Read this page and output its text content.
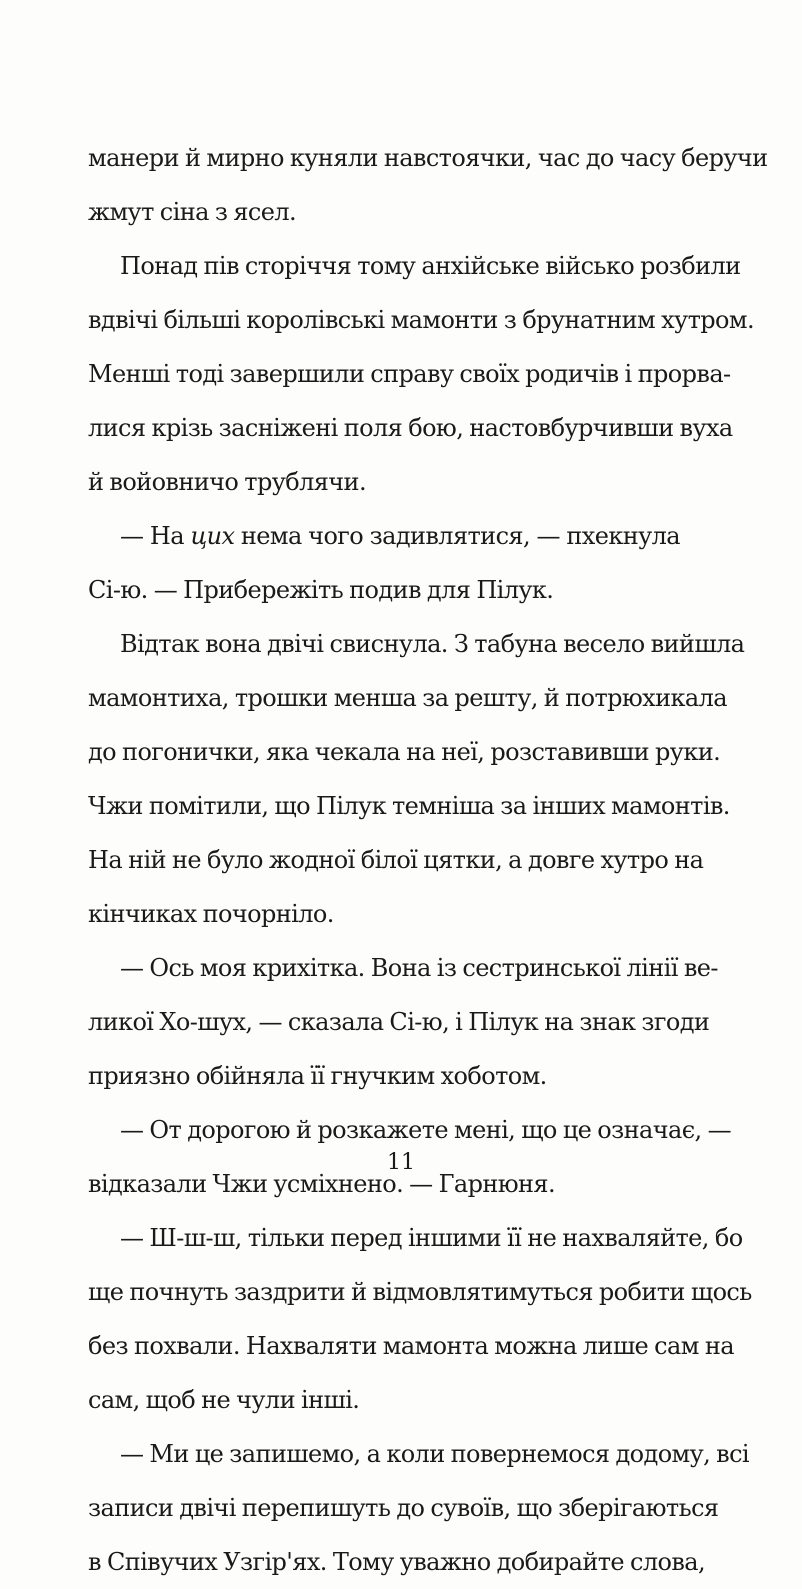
манери й мирно куняли навстоячки, час до часу беручи
жмут сіна з ясел.
Понад пів сторіччя тому анхійське військо розбили
вдвічі більші королівські мамонти з брунатним хутром.
Менші тоді завершили справу своїх родичів і прорва-
лися крізь засніжені поля бою, настовбурчивши вуха
й войовничо трублячи.
— На цих нема чого задивлятися, — пхекнула
Сі-ю. — Прибережіть подив для Пілук.
Відтак вона двічі свиснула. З табуна весело вийшла
мамонтиха, трошки менша за решту, й потрюхикала
до погонички, яка чекала на неї, розставивши руки.
Чжи помітили, що Пілук темніша за інших мамонтів.
На ній не було жодної білої цятки, а довге хутро на
кінчиках почорніло.
— Ось моя крихітка. Вона із сестринської лінії ве-
ликої Хо-шух, — сказала Сі-ю, і Пілук на знак згоди
приязно обійняла її гнучким хоботом.
— От дорогою й розкажете мені, що це означає, —
відказали Чжи усміхнено. — Гарнюня.
— Ш-ш-ш, тільки перед іншими її не нахваляйте, бо
ще почнуть заздрити й відмовлятимуться робити щось
без похвали. Нахваляти мамонта можна лише сам на
сам, щоб не чули інші.
— Ми це запишемо, а коли повернемося додому, всі
записи двічі перепишуть до сувоїв, що зберігаються
в Співучих Узгір'ях. Тому уважно добирайте слова,
11
